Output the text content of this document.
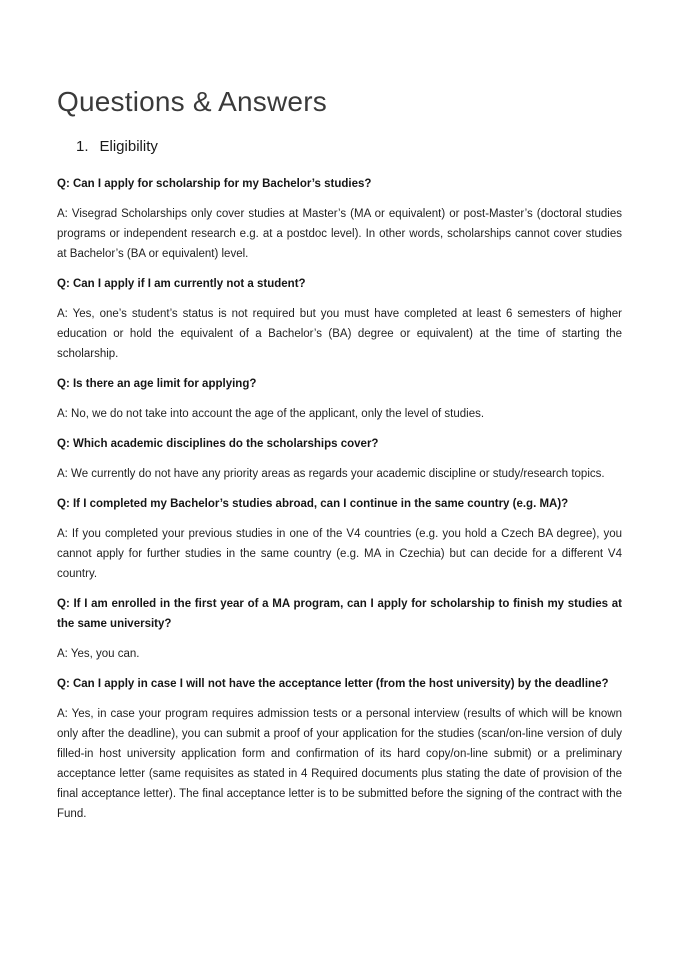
Questions & Answers
1. Eligibility

Q: Can I apply for scholarship for my Bachelor’s studies?

A: Visegrad Scholarships only cover studies at Master’s (MA or equivalent) or post-Master’s (doctoral studies programs or independent research e.g. at a postdoc level). In other words, scholarships cannot cover studies at Bachelor’s (BA or equivalent) level.

Q: Can I apply if I am currently not a student?

A: Yes, one’s student’s status is not required but you must have completed at least 6 semesters of higher education or hold the equivalent of a Bachelor’s (BA) degree or equivalent) at the time of starting the scholarship.

Q: Is there an age limit for applying?

A: No, we do not take into account the age of the applicant, only the level of studies.

Q: Which academic disciplines do the scholarships cover?

A: We currently do not have any priority areas as regards your academic discipline or study/research topics.

Q: If I completed my Bachelor’s studies abroad, can I continue in the same country (e.g. MA)?

A: If you completed your previous studies in one of the V4 countries (e.g. you hold a Czech BA degree), you cannot apply for further studies in the same country (e.g. MA in Czechia) but can decide for a different V4 country.

Q: If I am enrolled in the first year of a MA program, can I apply for scholarship to finish my studies at the same university?

A: Yes, you can.

Q: Can I apply in case I will not have the acceptance letter (from the host university) by the deadline?

A: Yes, in case your program requires admission tests or a personal interview (results of which will be known only after the deadline), you can submit a proof of your application for the studies (scan/on-line version of duly filled-in host university application form and confirmation of its hard copy/on-line submit) or a preliminary acceptance letter (same requisites as stated in 4 Required documents plus stating the date of provision of the final acceptance letter). The final acceptance letter is to be submitted before the signing of the contract with the Fund.
